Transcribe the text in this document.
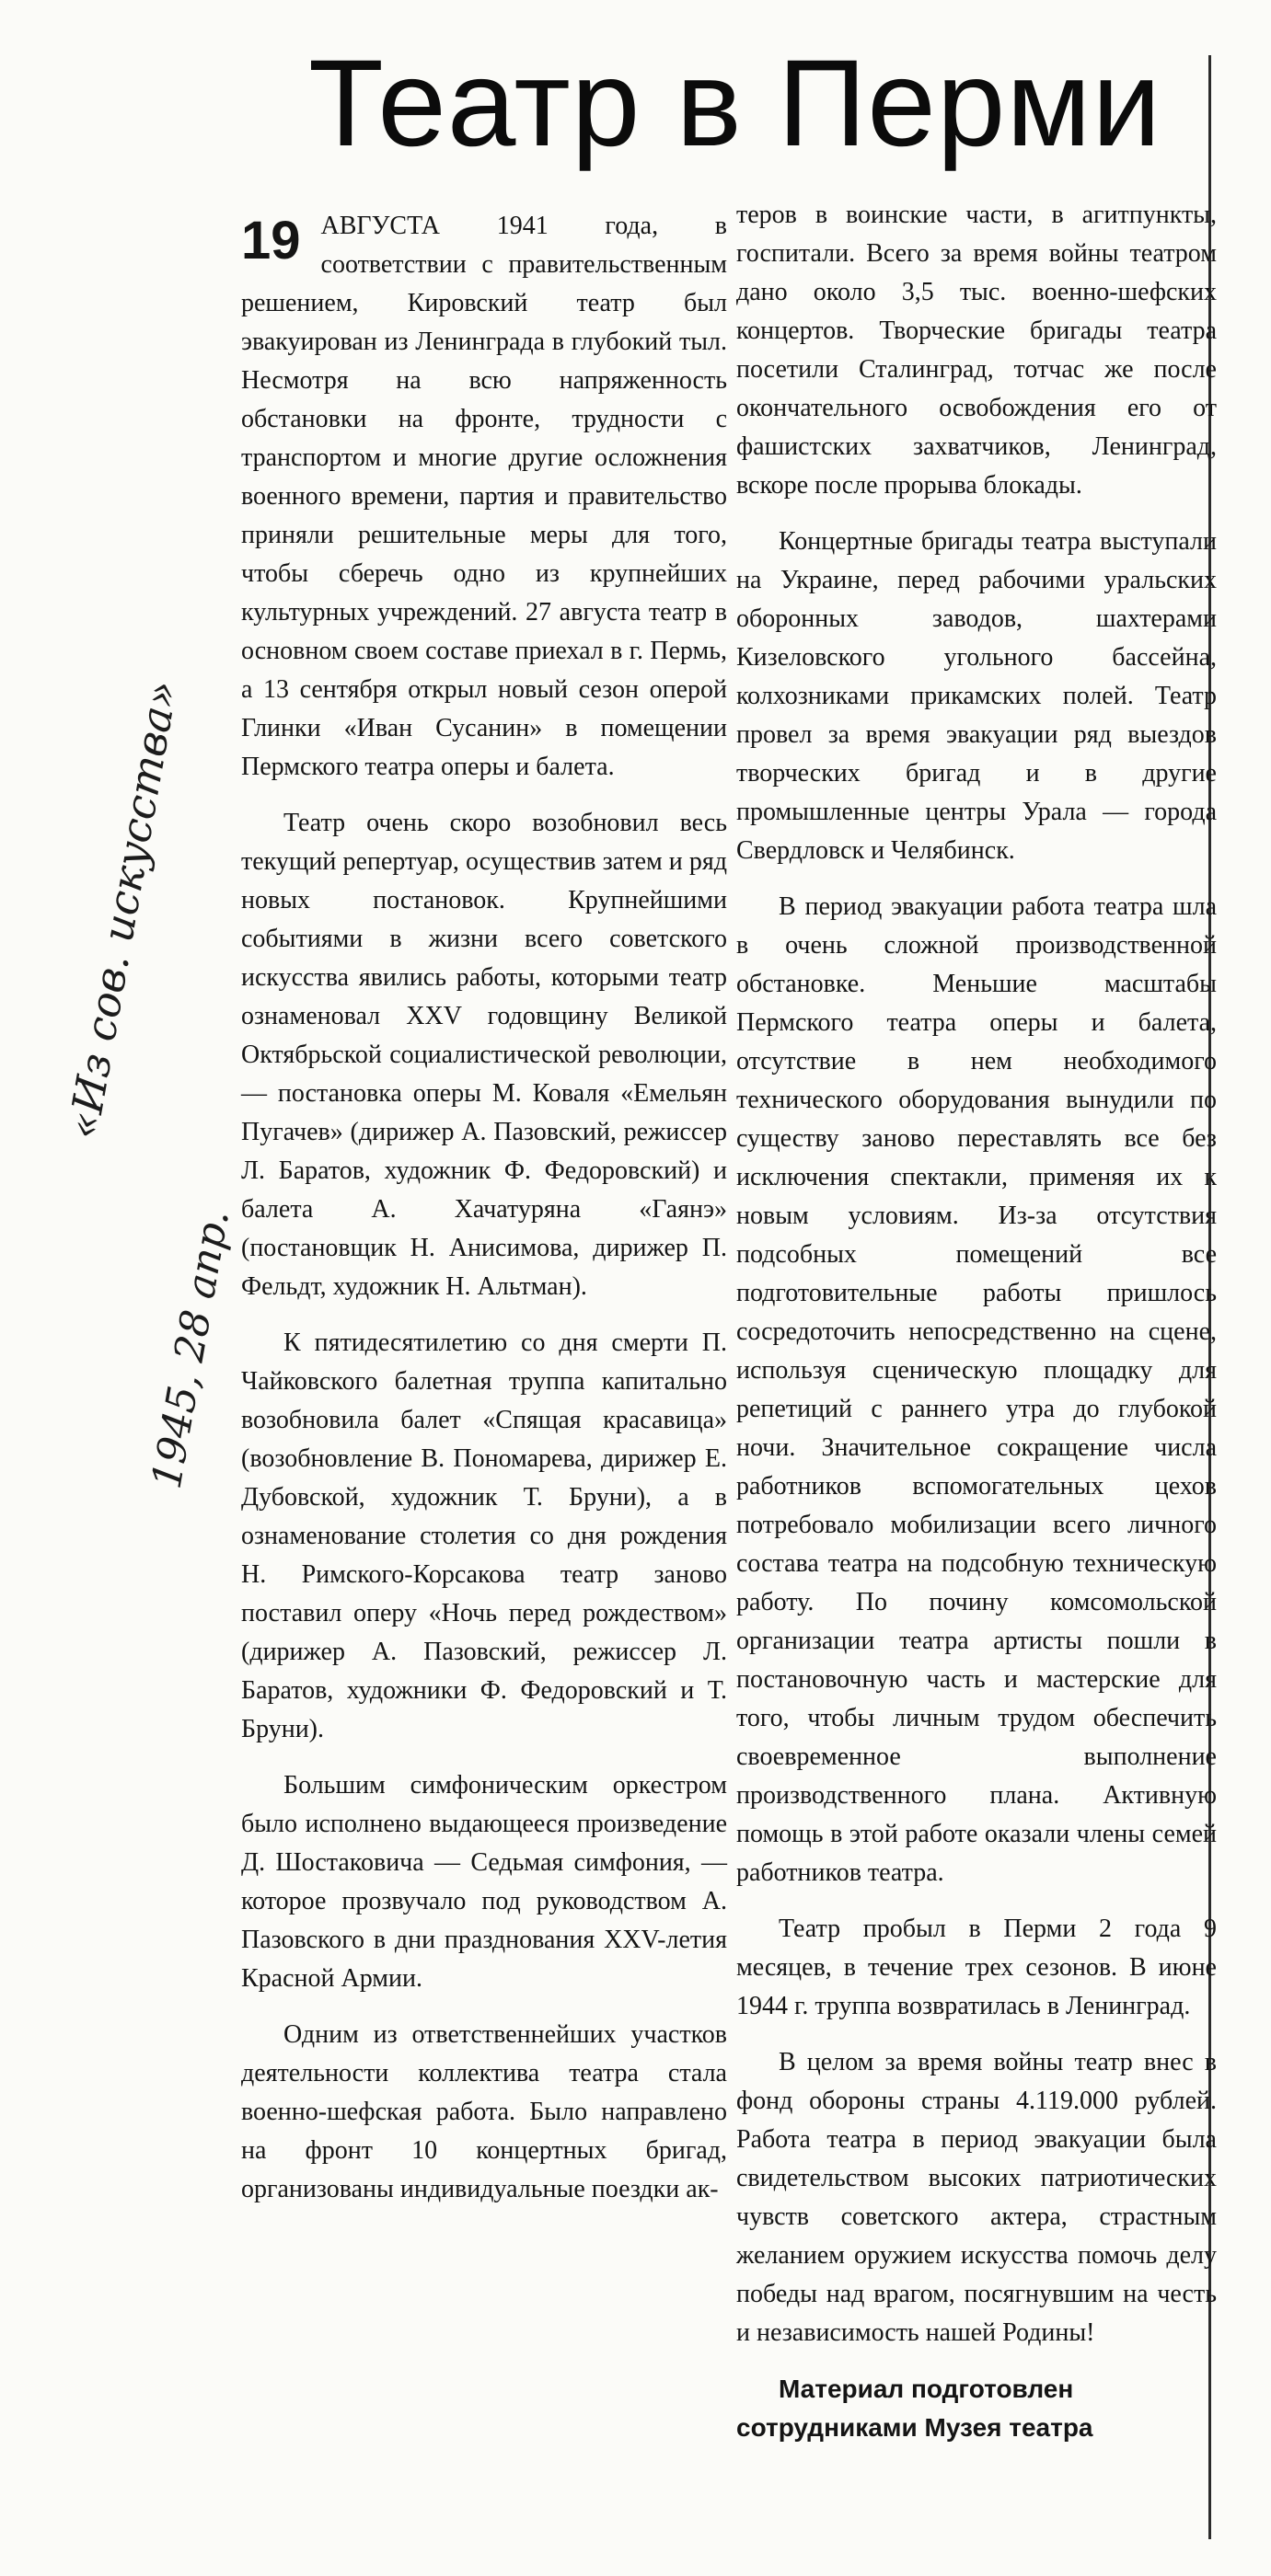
Театр в Перми
«Из сов. искусства»
1945, 28 апр.
19 АВГУСТА 1941 года, в соответствии с правительственным решением, Кировский театр был эвакуирован из Ленинграда в глубокий тыл. Несмотря на всю напряженность обстановки на фронте, трудности с транспортом и многие другие осложнения военного времени, партия и правительство приняли решительные меры для того, чтобы сберечь одно из крупнейших культурных учреждений. 27 августа театр в основном своем составе приехал в г. Пермь, а 13 сентября открыл новый сезон оперой Глинки «Иван Сусанин» в помещении Пермского театра оперы и балета.

Театр очень скоро возобновил весь текущий репертуар, осуществив затем и ряд новых постановок. Крупнейшими событиями в жизни всего советского искусства явились работы, которыми театр ознаменовал XXV годовщину Великой Октябрьской социалистической революции, — постановка оперы М. Коваля «Емельян Пугачев» (дирижер А. Пазовский, режиссер Л. Баратов, художник Ф. Федоровский) и балета А. Хачатуряна «Гаянэ» (постановщик Н. Анисимова, дирижер П. Фельдт, художник Н. Альтман).

К пятидесятилетию со дня смерти П. Чайковского балетная труппа капитально возобновила балет «Спящая красавица» (возобновление В. Пономарева, дирижер Е. Дубовской, художник Т. Бруни), а в ознаменование столетия со дня рождения Н. Римского-Корсакова театр заново поставил оперу «Ночь перед рождеством» (дирижер А. Пазовский, режиссер Л. Баратов, художники Ф. Федоровский и Т. Бруни).

Большим симфоническим оркестром было исполнено выдающееся произведение Д. Шостаковича — Седьмая симфония, — которое прозвучало под руководством А. Пазовского в дни празднования XXV-летия Красной Армии.

Одним из ответственнейших участков деятельности коллектива театра стала военно-шефская работа. Было направлено на фронт 10 концертных бригад, организованы индивидуальные поездки ак-

теров в воинские части, в агитпункты, госпитали. Всего за время войны театром дано около 3,5 тыс. военно-шефских концертов. Творческие бригады театра посетили Сталинград, тотчас же после окончательного освобождения его от фашистских захватчиков, Ленинград, вскоре после прорыва блокады.

Концертные бригады театра выступали на Украине, перед рабочими уральских оборонных заводов, шахтерами Кизеловского угольного бассейна, колхозниками прикамских полей. Театр провел за время эвакуации ряд выездов творческих бригад и в другие промышленные центры Урала — города Свердловск и Челябинск.

В период эвакуации работа театра шла в очень сложной производственной обстановке. Меньшие масштабы Пермского театра оперы и балета, отсутствие в нем необходимого технического оборудования вынудили по существу заново переставлять все без исключения спектакли, применяя их к новым условиям. Из-за отсутствия подсобных помещений все подготовительные работы пришлось сосредоточить непосредственно на сцене, используя сценическую площадку для репетиций с раннего утра до глубокой ночи. Значительное сокращение числа работников вспомогательных цехов потребовало мобилизации всего личного состава театра на подсобную техническую работу. По почину комсомольской организации театра артисты пошли в постановочную часть и мастерские для того, чтобы личным трудом обеспечить своевременное выполнение производственного плана. Активную помощь в этой работе оказали члены семей работников театра.

Театр пробыл в Перми 2 года 9 месяцев, в течение трех сезонов. В июне 1944 г. труппа возвратилась в Ленинград.

В целом за время войны театр внес в фонд обороны страны 4.119.000 рублей. Работа театра в период эвакуации была свидетельством высоких патриотических чувств советского актера, страстным желанием оружием искусства помочь делу победы над врагом, посягнувшим на честь и независимость нашей Родины!

Материал подготовлен сотрудниками Музея театра
